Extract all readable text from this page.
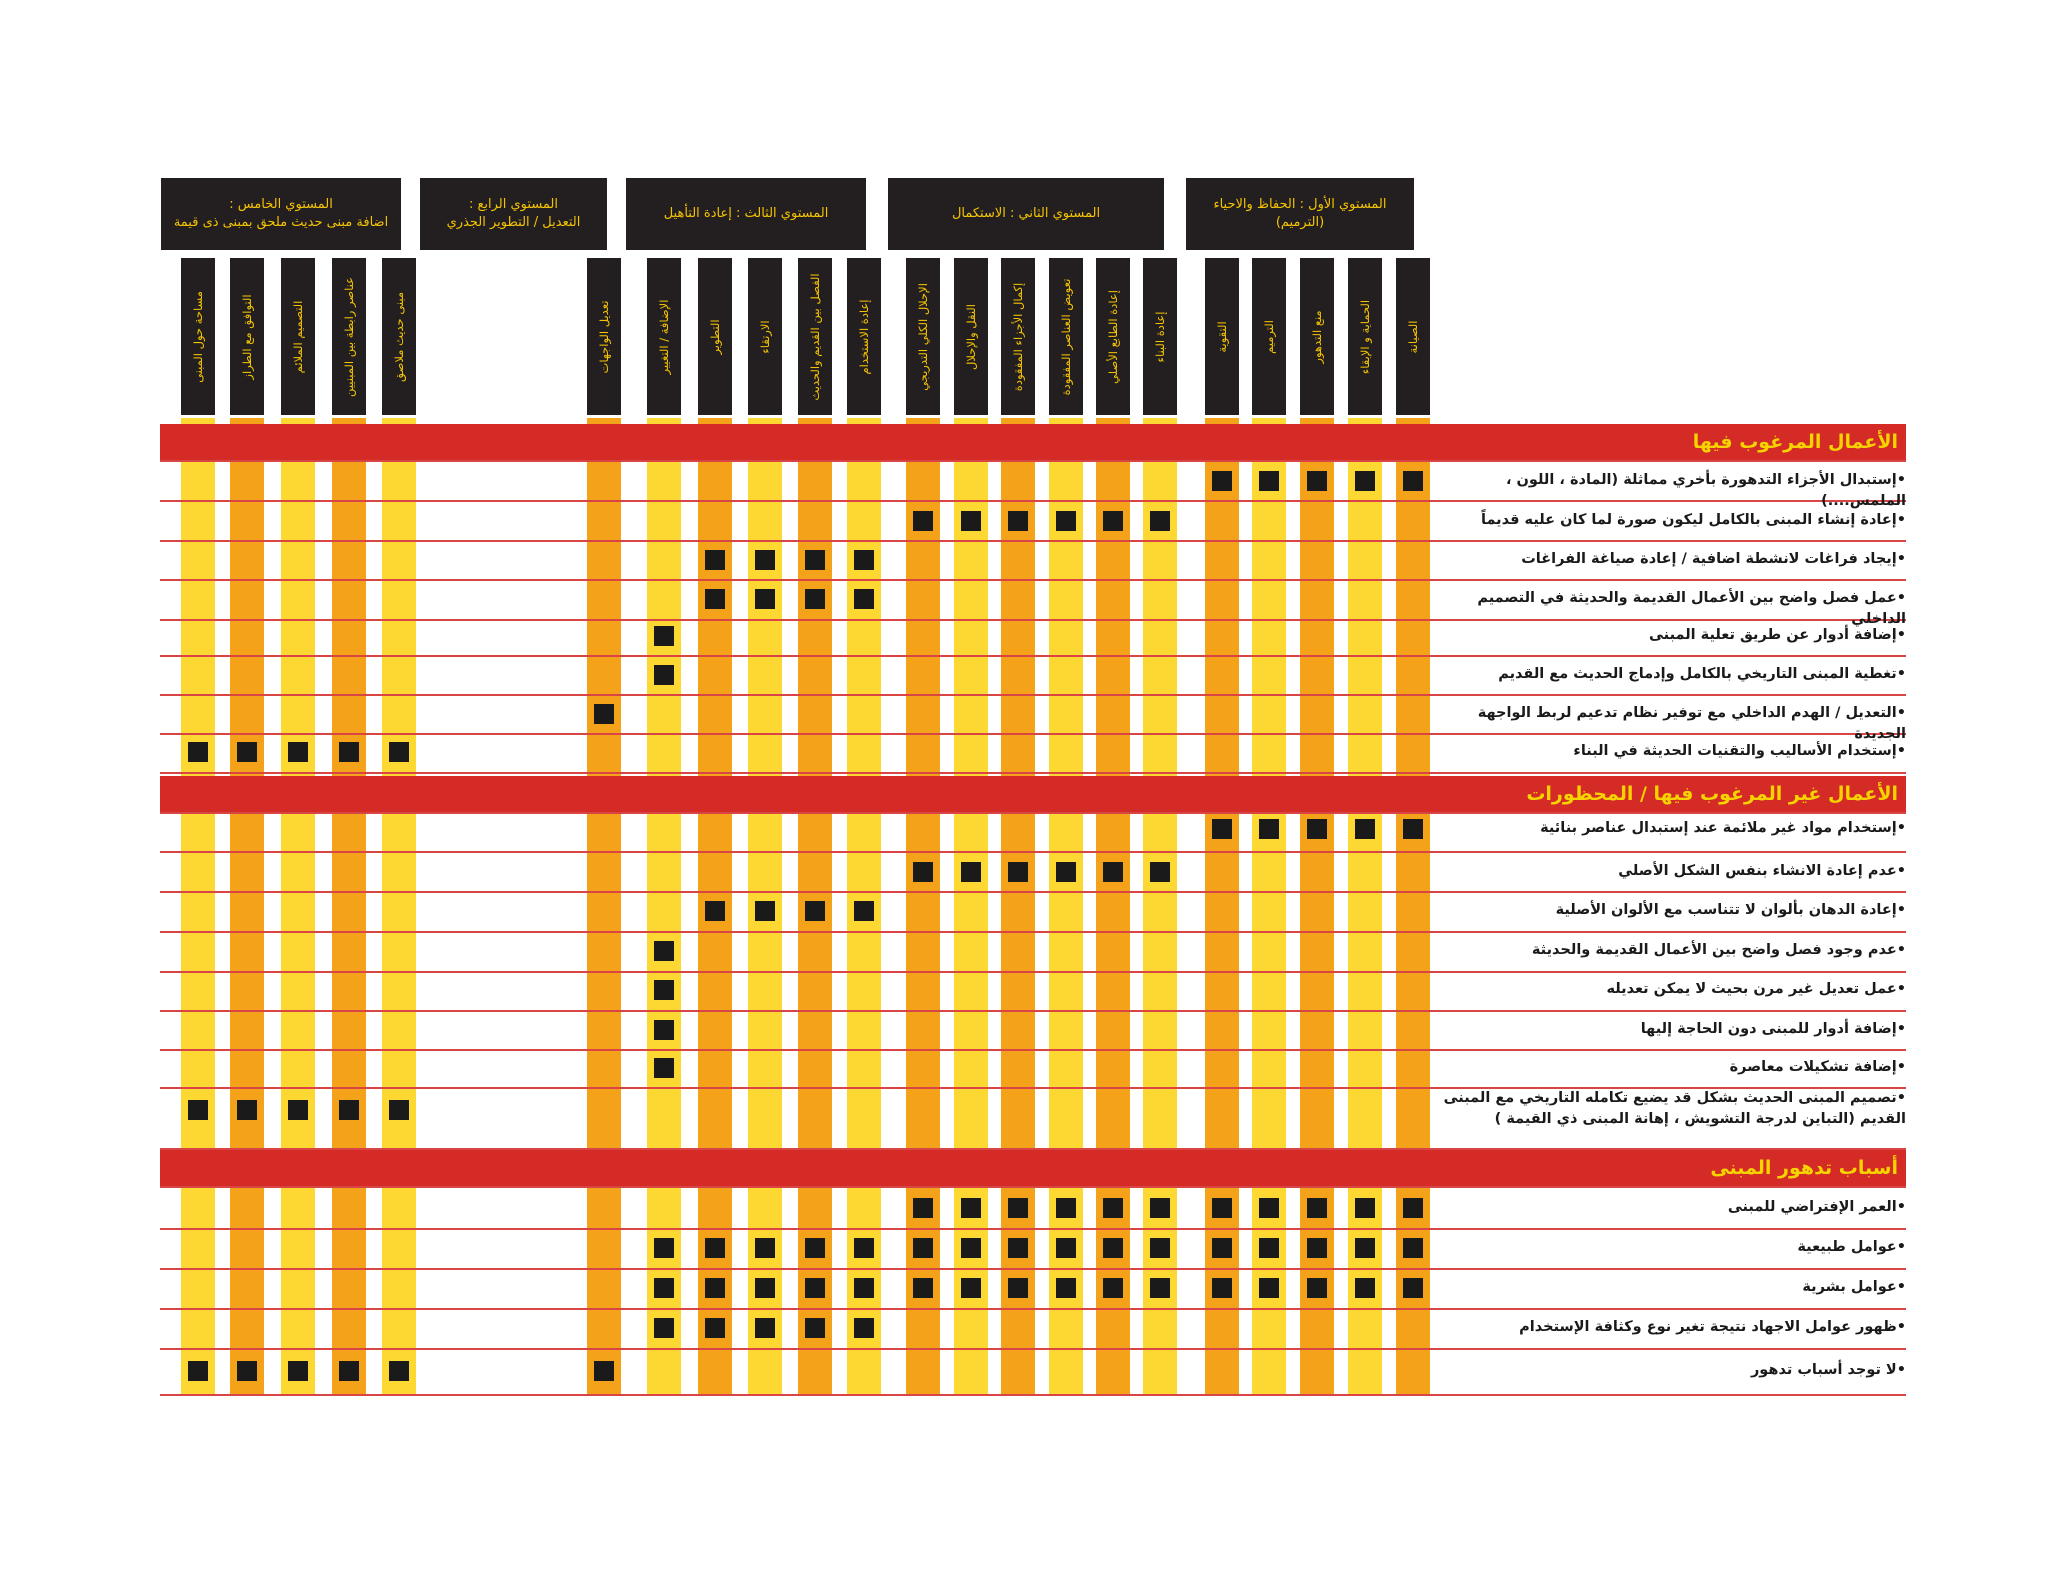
الأعمال المرغوب فيها
الأعمال غير المرغوب فيها / المحظورات
أسباب تدهور المبنى
المستوي الأول : الحفاظ والاحياء
(الترميم)
المستوي الثاني : الاستكمال
المستوي الثالث : إعادة التأهيل
المستوي الرابع :
التعديل / التطوير الجذري
المستوي الخامس :
اضافة مبنى حديث ملحق بمبنى ذى قيمة
الصيانة
الحماية و الإبقاء
منع التدهور
الترميم
التقوية
إعادة البناء
إعادة الطابع الأصلي
تعويض العناصر المفقودة
إكمال الأجزاء المفقودة
النقل والإحلال
الإحلال الكلي التدريجي
إعادة الاستخدام
الفصل بين القديم والحديث
الارتقاء
التطوير
الإضافة / التغيير
تعديل الواجهات
مبنى حديث ملاصق
عناصر رابطة بين المبنيين
التصميم الملائم
التوافق مع الطراز
مساحة حول المبنى
•إستبدال الأجزاء التدهورة بأخري مماثلة (المادة ، اللون ، الملمس....)
•إعادة إنشاء المبنى بالكامل ليكون صورة لما كان عليه قديماً
•إيجاد فراغات لانشطة اضافية / إعادة صياغة الفراغات
•عمل فصل واضح بين الأعمال القديمة والحديثة في التصميم الداخلي
•إضافة أدوار عن طريق تعلية المبنى
•تغطية المبنى التاريخي بالكامل وإدماج الحديث مع القديم
•التعديل / الهدم الداخلي مع توفير نظام تدعيم لربط الواجهة الجديدة
•إستخدام الأساليب والتقنيات الحديثة في البناء
•إستخدام مواد غير ملائمة عند إستبدال عناصر بنائية
•عدم إعادة الانشاء بنفس الشكل الأصلي
•إعادة الدهان بألوان لا تتناسب مع الألوان الأصلية
•عدم وجود فصل واضح بين الأعمال القديمة والحديثة
•عمل تعديل غير مرن بحيث لا يمكن تعديله
•إضافة أدوار للمبنى دون الحاجة إليها
•إضافة تشكيلات معاصرة
•تصميم المبنى الحديث بشكل قد يضيع تكامله التاريخي مع المبنى
القديم (التباين لدرجة التشويش ، إهانة المبنى ذي القيمة )
•العمر الإفتراضي للمبنى
•عوامل طبيعية
•عوامل بشرية
•ظهور عوامل الاجهاد نتيجة تغير نوع وكثافة الإستخدام
•لا توجد أسباب تدهور
